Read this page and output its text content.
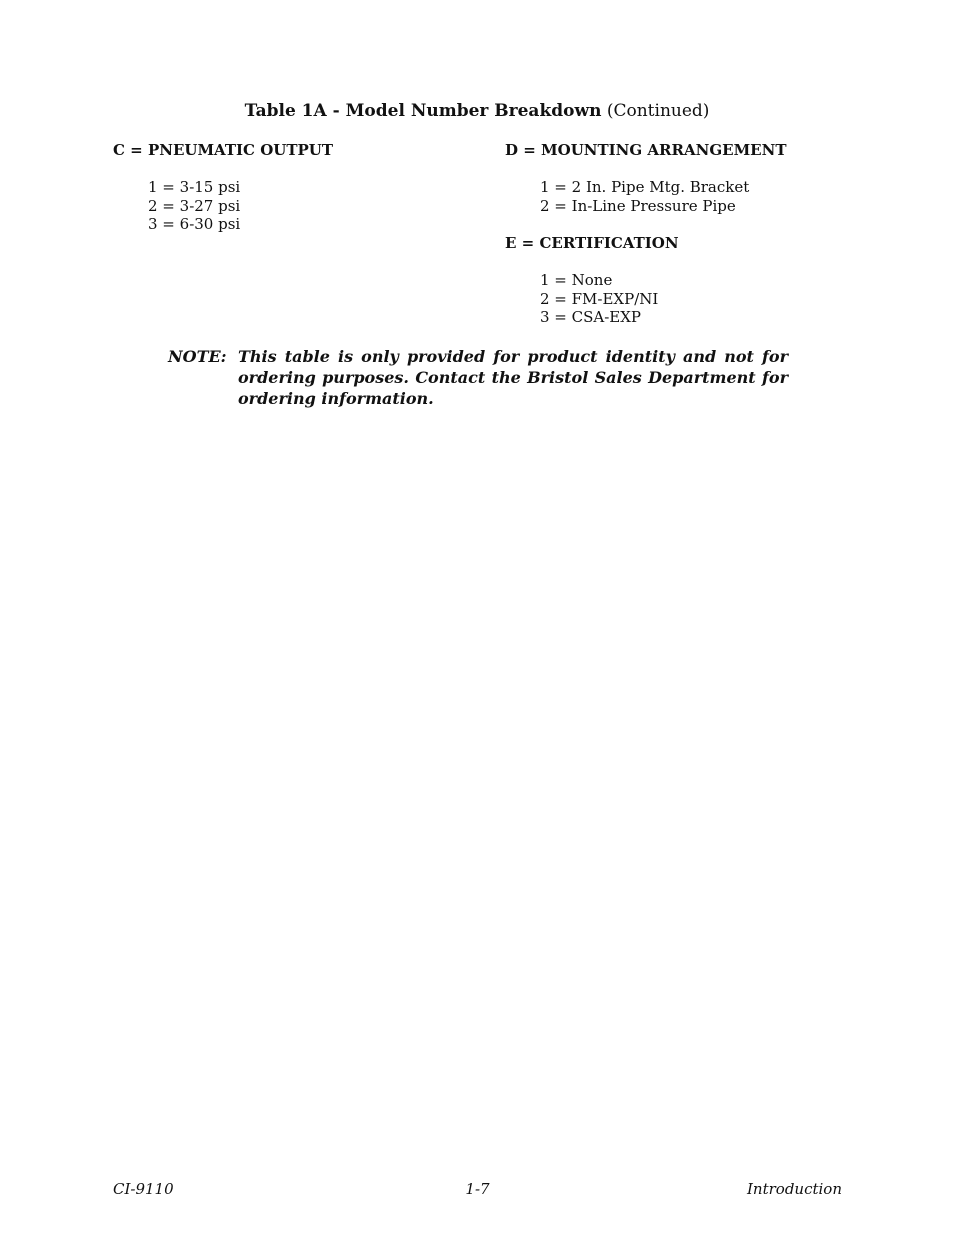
Table 1A - Model Number Breakdown (Continued)

C = PNEUMATIC OUTPUT

1 = 3-15 psi
2 = 3-27 psi
3 = 6-30 psi

D = MOUNTING ARRANGEMENT

1 = 2 In. Pipe Mtg. Bracket
2 = In-Line Pressure Pipe

E = CERTIFICATION

1 = None
2 = FM-EXP/NI
3 = CSA-EXP
NOTE: This table is only provided for product identity and not for ordering purposes. Contact the Bristol Sales Department for ordering information.
1-7
CI-9110	Introduction
